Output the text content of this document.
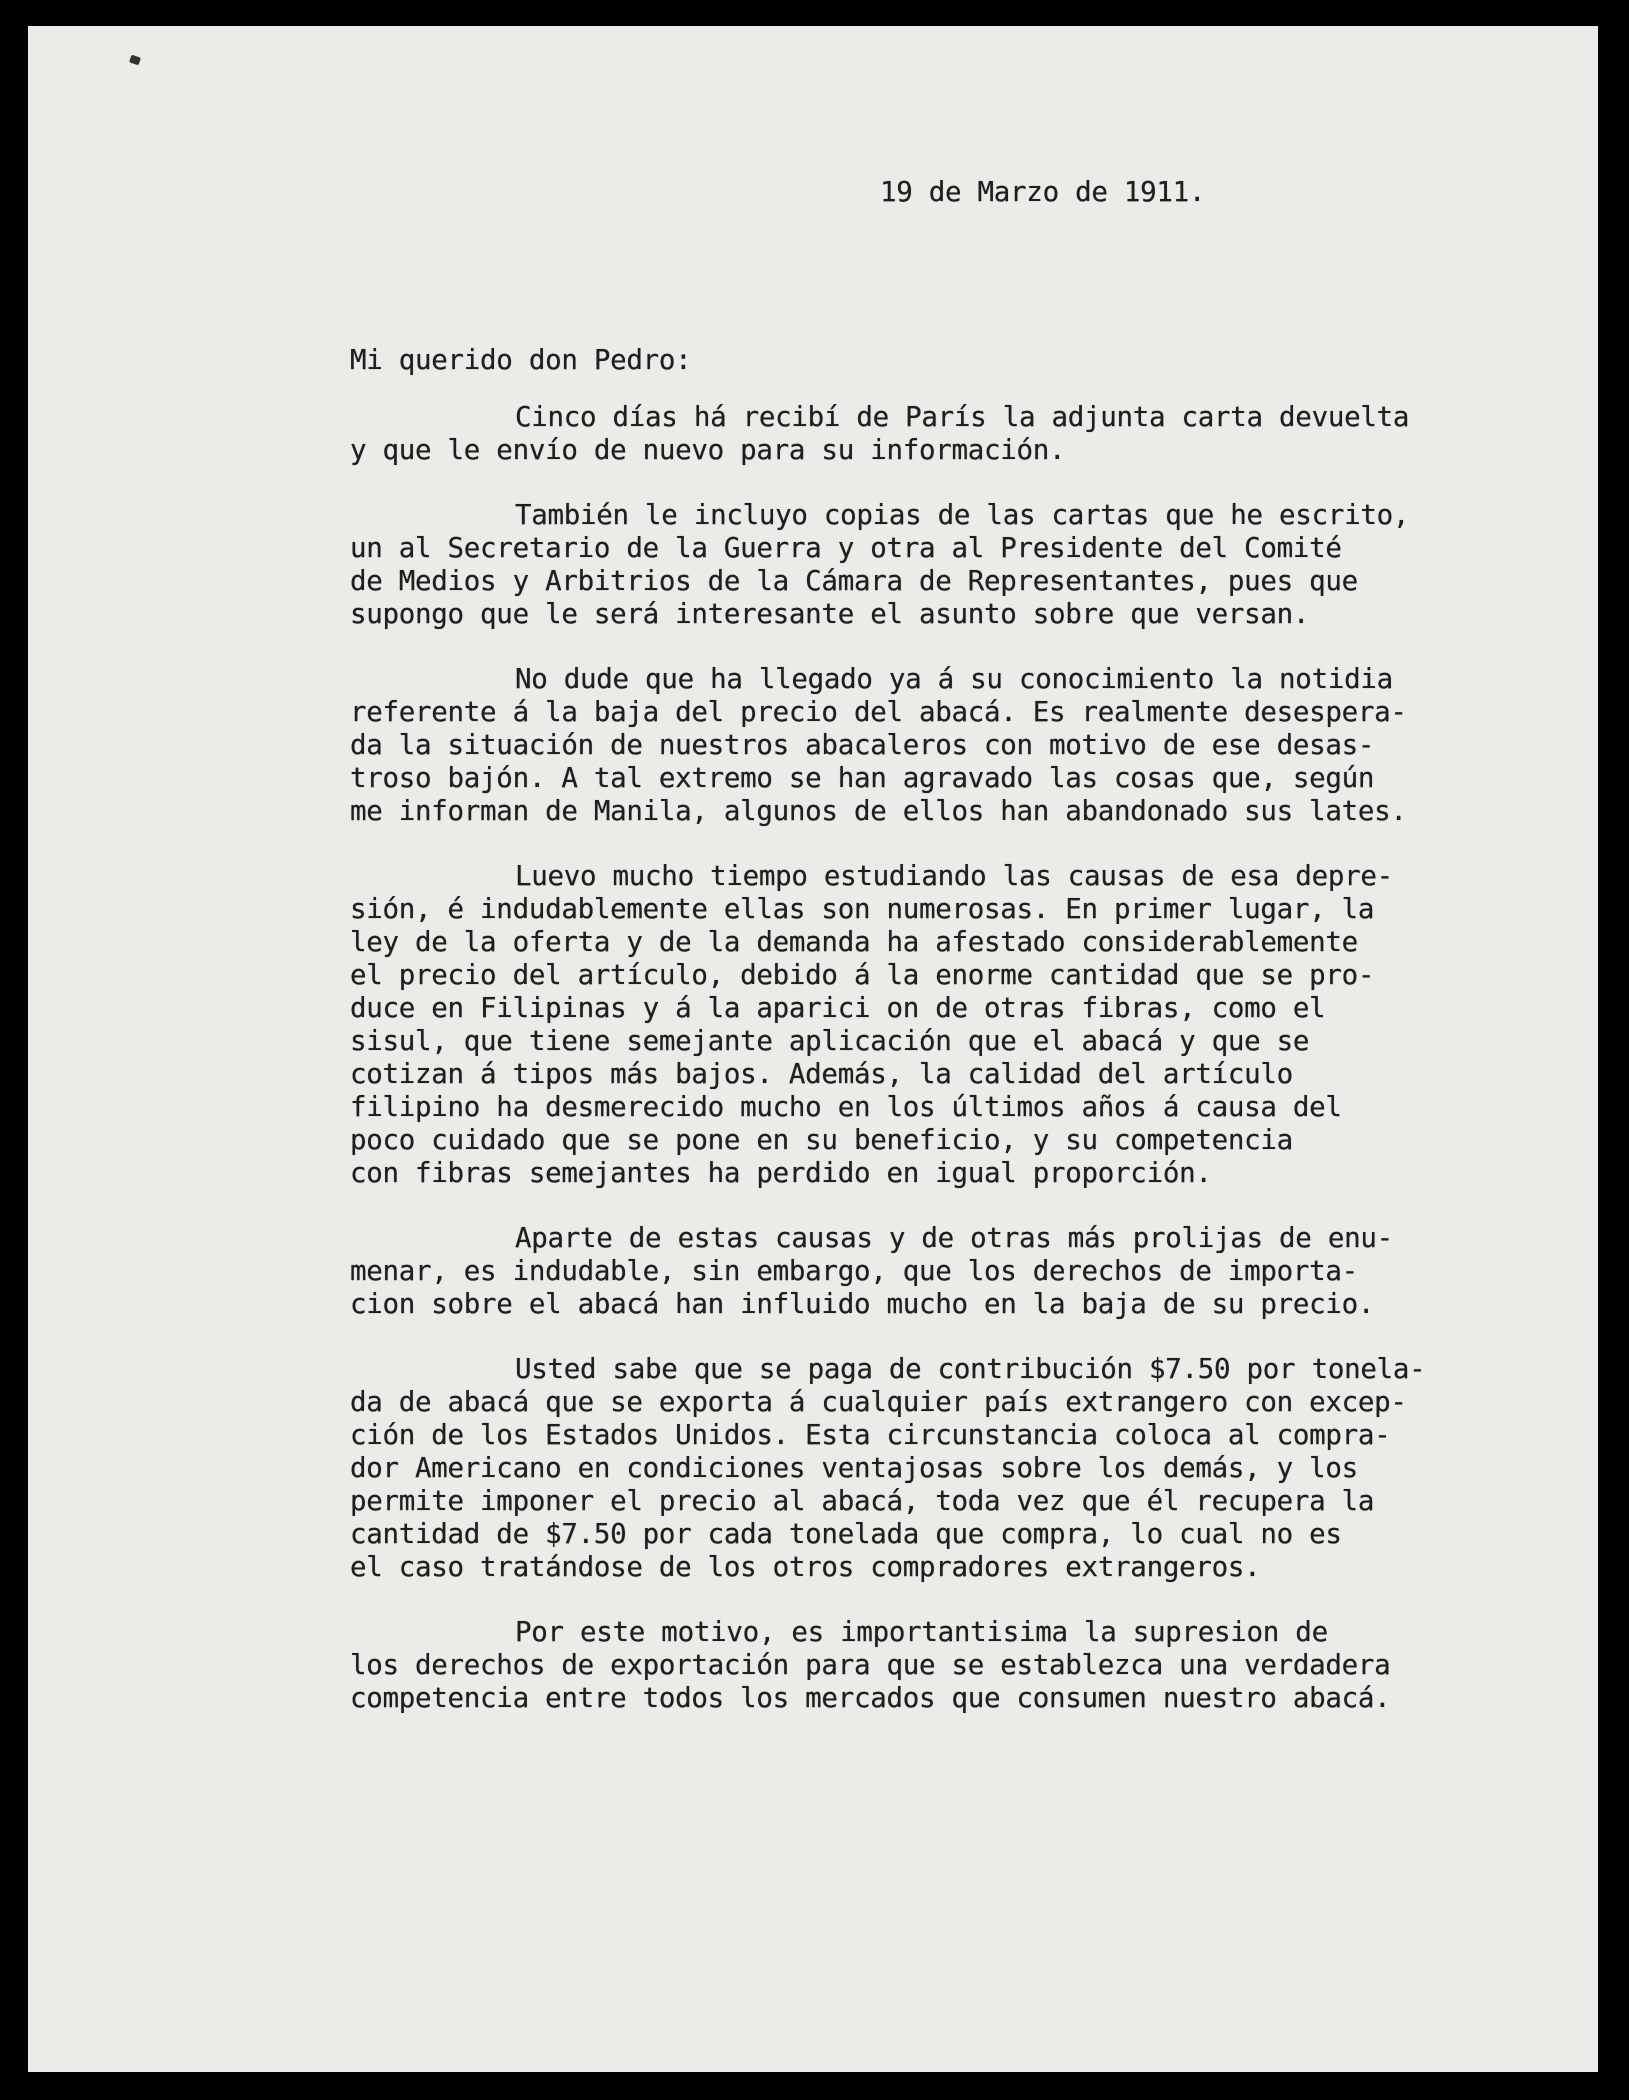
19 de Marzo de 1911.
Mi querido don Pedro:
Cinco días há recibí de París la adjunta carta devuelta
y que le envío de nuevo para su información.
También le incluyo copias de las cartas que he escrito,
un al Secretario de la Guerra y otra al Presidente del Comité
de Medios y Arbitrios de la Cámara de Representantes, pues que
supongo que le será interesante el asunto sobre que versan.
No dude que ha llegado ya á su conocimiento la notidia
referente á la baja del precio del abacá. Es realmente desespera-
da la situación de nuestros abacaleros con motivo de ese desas-
troso bajón. A tal extremo se han agravado las cosas que, según
me informan de Manila, algunos de ellos han abandonado sus lates.
Luevo mucho tiempo estudiando las causas de esa depre-
sión, é indudablemente ellas son numerosas. En primer lugar, la
ley de la oferta y de la demanda ha afestado considerablemente
el precio del artículo, debido á la enorme cantidad que se pro-
duce en Filipinas y á la aparici on de otras fibras, como el
sisul, que tiene semejante aplicación que el abacá y que se
cotizan á tipos más bajos. Además, la calidad del artículo
filipino ha desmerecido mucho en los últimos años á causa del
poco cuidado que se pone en su beneficio, y su competencia
con fibras semejantes ha perdido en igual proporción.
Aparte de estas causas y de otras más prolijas de enu-
menar, es indudable, sin embargo, que los derechos de importa-
cion sobre el abacá han influido mucho en la baja de su precio.
Usted sabe que se paga de contribución $7.50 por tonela-
da de abacá que se exporta á cualquier país extrangero con excep-
ción de los Estados Unidos. Esta circunstancia coloca al compra-
dor Americano en condiciones ventajosas sobre los demás, y los
permite imponer el precio al abacá, toda vez que él recupera la
cantidad de $7.50 por cada tonelada que compra, lo cual no es
el caso tratándose de los otros compradores extrangeros.
Por este motivo, es importantisima la supresion de
los derechos de exportación para que se establezca una verdadera
competencia entre todos los mercados que consumen nuestro abacá.
